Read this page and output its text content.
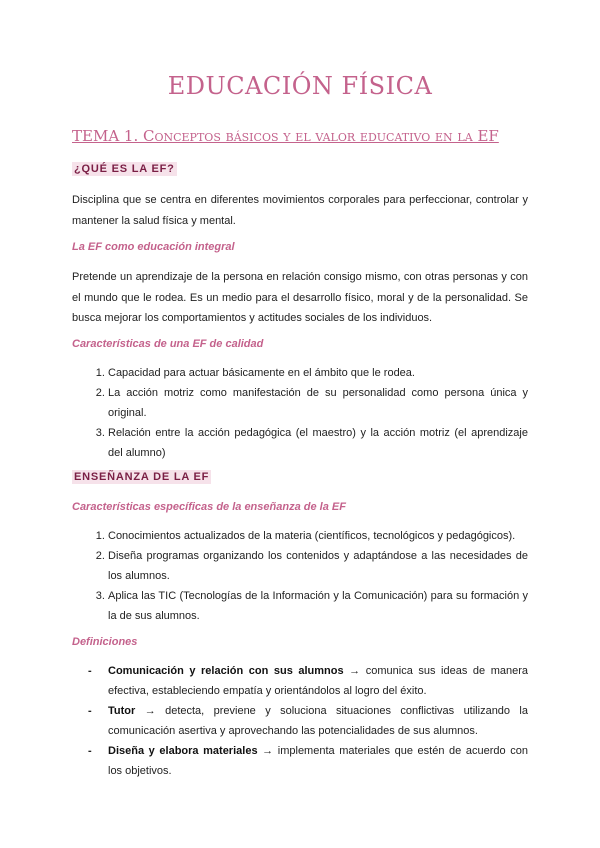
EDUCACIÓN FÍSICA
TEMA 1. Conceptos básicos y el valor educativo en la EF
¿QUÉ ES LA EF?

Disciplina que se centra en diferentes movimientos corporales para perfeccionar, controlar y mantener la salud física y mental.

La EF como educación integral

Pretende un aprendizaje de la persona en relación consigo mismo, con otras personas y con el mundo que le rodea. Es un medio para el desarrollo físico, moral y de la personalidad. Se busca mejorar los comportamientos y actitudes sociales de los individuos.

Características de una EF de calidad
1. Capacidad para actuar básicamente en el ámbito que le rodea.
2. La acción motriz como manifestación de su personalidad como persona única y original.
3. Relación entre la acción pedagógica (el maestro) y la acción motriz (el aprendizaje del alumno)
ENSEÑANZA DE LA EF
Características específicas de la enseñanza de la EF
1. Conocimientos actualizados de la materia (científicos, tecnológicos y pedagógicos).
2. Diseña programas organizando los contenidos y adaptándose a las necesidades de los alumnos.
3. Aplica las TIC (Tecnologías de la Información y la Comunicación) para su formación y la de sus alumnos.
Definiciones
- Comunicación y relación con sus alumnos → comunica sus ideas de manera efectiva, estableciendo empatía y orientándolos al logro del éxito.
- Tutor → detecta, previene y soluciona situaciones conflictivas utilizando la comunicación asertiva y aprovechando las potencialidades de sus alumnos.
- Diseña y elabora materiales → implementa materiales que estén de acuerdo con los objetivos.
